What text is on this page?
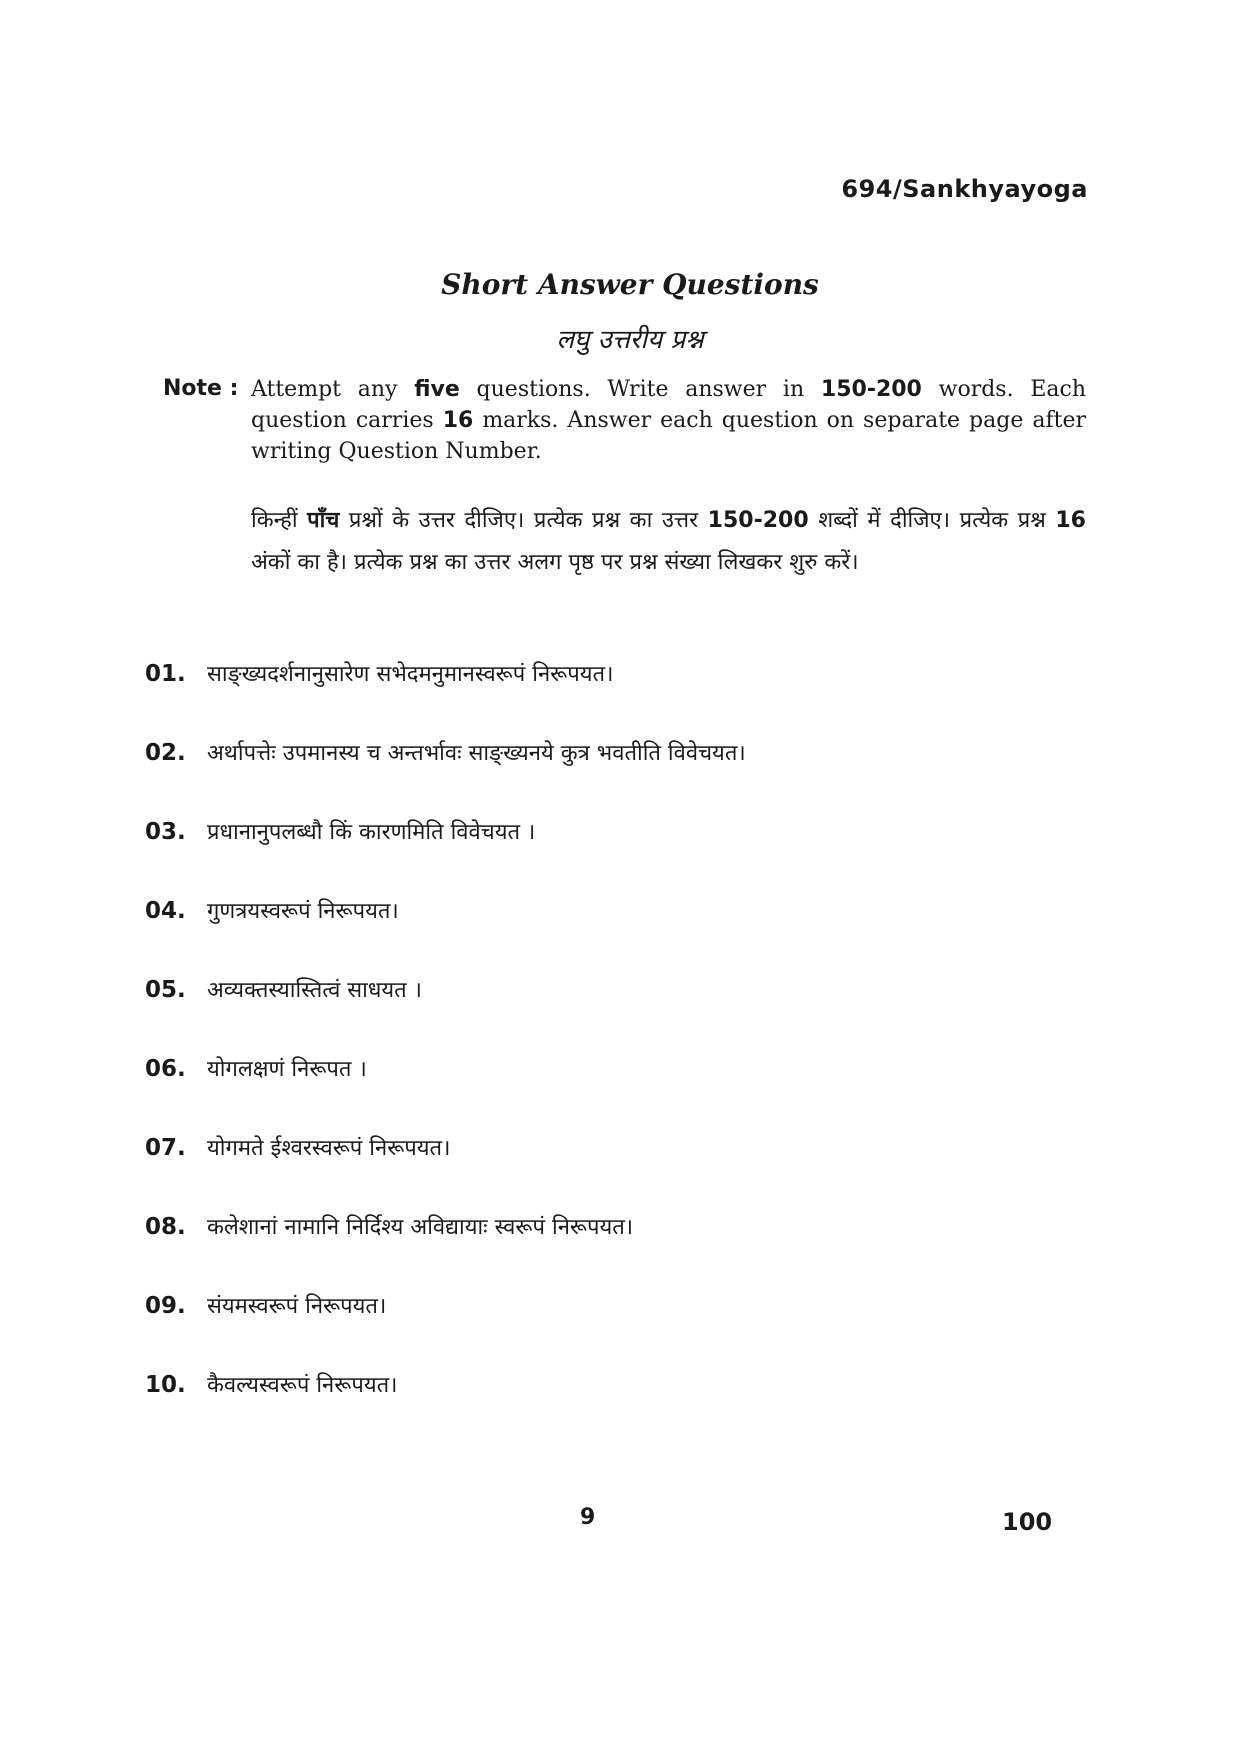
694/Sankhyayoga
Short Answer Questions
लघु उत्तरीय प्रश्न
Note : Attempt any five questions. Write answer in 150-200 words. Each question carries 16 marks. Answer each question on separate page after writing Question Number.
किन्हीं पाँच प्रश्नों के उत्तर दीजिए। प्रत्येक प्रश्न का उत्तर 150-200 शब्दों में दीजिए। प्रत्येक प्रश्न 16 अंकों का है। प्रत्येक प्रश्न का उत्तर अलग पृष्ठ पर प्रश्न संख्या लिखकर शुरु करें।
01. साङ्ख्यदर्शनानुसारेण सभेदमनुमानस्वरूपं निरूपयत।
02. अर्थापत्तेः उपमानस्य च अन्तर्भावः साङ्ख्यनये कुत्र भवतीति विवेचयत।
03. प्रधानानुपलब्धौ किं कारणमिति विवेचयत ।
04. गुणत्रयस्वरूपं निरूपयत।
05. अव्यक्तस्यास्तित्वं साधयत ।
06. योगलक्षणं निरूपत ।
07. योगमते ईश्वरस्वरूपं निरूपयत।
08. कलेशानां नामानि निर्दिश्य अविद्यायाः स्वरूपं निरूपयत।
09. संयमस्वरूपं निरूपयत।
10. कैवल्यस्वरूपं निरूपयत।
9	100
